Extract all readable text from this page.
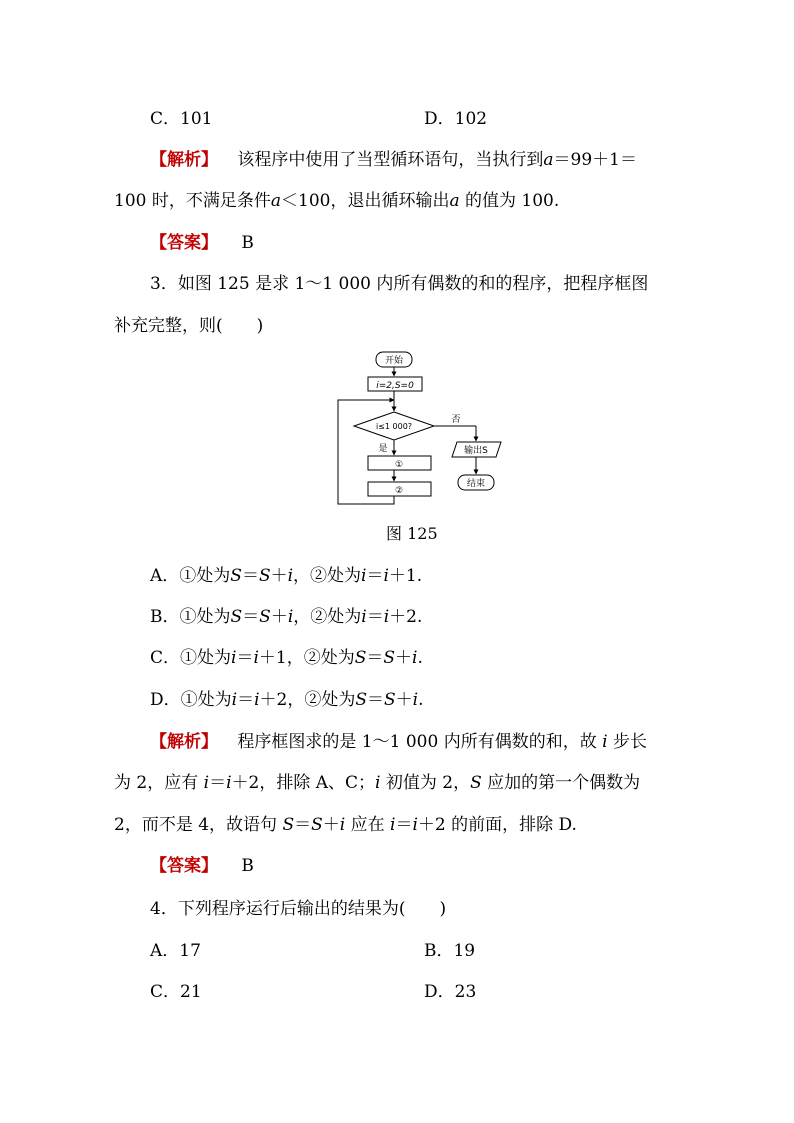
C．101	D．102
【解析】 该程序中使用了当型循环语句，当执行到a＝99＋1＝
100 时，不满足条件a＜100，退出循环输出a 的值为 100.
【答案】 B
3．如图 125 是求 1～1 000 内所有偶数的和的程序，把程序框图
补充完整，则(　　)
开始
i=2,S=0
i≤1 000?
否
是	输出S
结束
①
②
图 125
A．①处为S＝S＋i，②处为i＝i＋1.
B．①处为S＝S＋i，②处为i＝i＋2.
C．①处为i＝i＋1，②处为S＝S＋i.
D．①处为i＝i＋2，②处为S＝S＋i.
【解析】 程序框图求的是 1～1 000 内所有偶数的和，故 i 步长
为 2，应有 i＝i＋2，排除 A、C；i 初值为 2，S 应加的第一个偶数为
2，而不是 4，故语句 S＝S＋i 应在 i＝i＋2 的前面，排除 D.
【答案】 B
4．下列程序运行后输出的结果为(　　)
A．17	B．19
C．21	D．23
